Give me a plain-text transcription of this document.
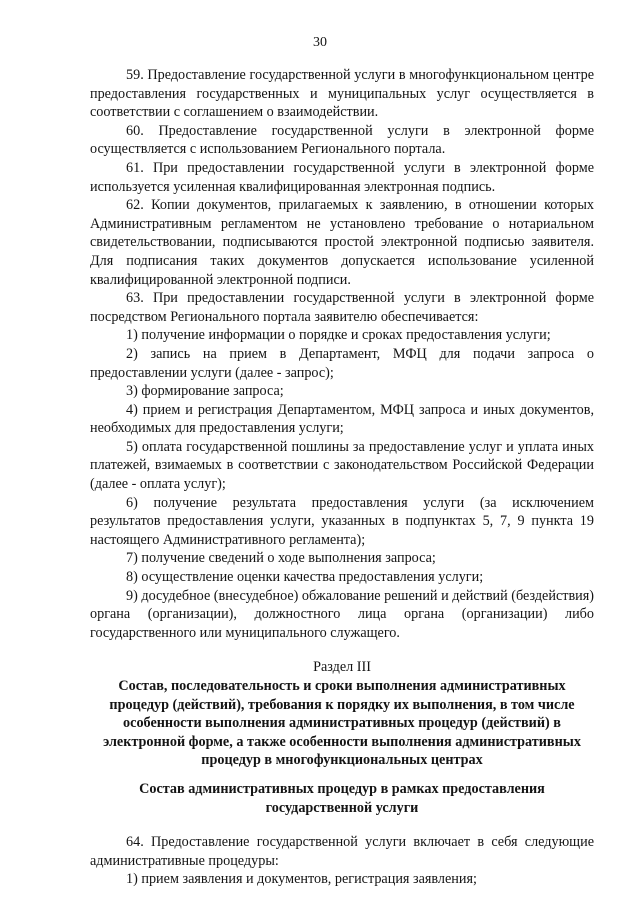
30

59. Предоставление государственной услуги в многофункциональном центре предоставления государственных и муниципальных услуг осуществляется в соответствии с соглашением о взаимодействии.

60. Предоставление государственной услуги в электронной форме осуществляется с использованием Регионального портала.

61. При предоставлении государственной услуги в электронной форме используется усиленная квалифицированная электронная подпись.

62. Копии документов, прилагаемых к заявлению, в отношении которых Административным регламентом не установлено требование о нотариальном свидетельствовании, подписываются простой электронной подписью заявителя. Для подписания таких документов допускается использование усиленной квалифицированной электронной подписи.

63. При предоставлении государственной услуги в электронной форме посредством Регионального портала заявителю обеспечивается:

1) получение информации о порядке и сроках предоставления услуги;

2) запись на прием в Департамент, МФЦ для подачи запроса о предоставлении услуги (далее - запрос);

3) формирование запроса;

4) прием и регистрация Департаментом, МФЦ запроса и иных документов, необходимых для предоставления услуги;

5) оплата государственной пошлины за предоставление услуг и уплата иных платежей, взимаемых в соответствии с законодательством Российской Федерации (далее - оплата услуг);

6) получение результата предоставления услуги (за исключением результатов предоставления услуги, указанных в подпунктах 5, 7, 9 пункта 19 настоящего Административного регламента);

7) получение сведений о ходе выполнения запроса;

8) осуществление оценки качества предоставления услуги;

9) досудебное (внесудебное) обжалование решений и действий (бездействия) органа (организации), должностного лица органа (организации) либо государственного или муниципального служащего.

Раздел III

Состав, последовательность и сроки выполнения административных процедур (действий), требования к порядку их выполнения, в том числе особенности выполнения административных процедур (действий) в электронной форме, а также особенности выполнения административных процедур в многофункциональных центрах

Состав административных процедур в рамках предоставления государственной услуги

64. Предоставление государственной услуги включает в себя следующие административные процедуры:

1) прием заявления и документов, регистрация заявления;
